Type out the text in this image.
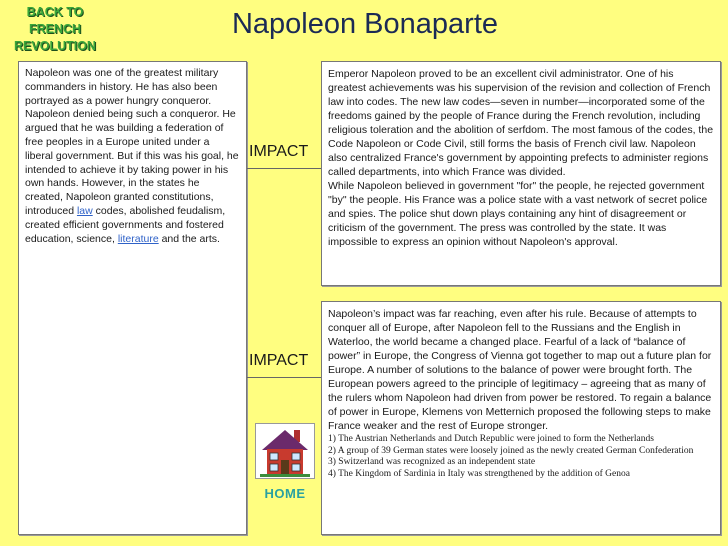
BACK TO
FRENCH
REVOLUTION
Napoleon Bonaparte
Napoleon was one of the greatest military commanders in history. He has also been portrayed as a power hungry conqueror. Napoleon denied being such a conqueror. He argued that he was building a federation of free peoples in a Europe united under a liberal government. But if this was his goal, he intended to achieve it by taking power in his own hands. However, in the states he created, Napoleon granted constitutions, introduced law codes, abolished feudalism, created efficient governments and fostered education, science, literature and the arts.
IMPACT
IMPACT
Emperor Napoleon proved to be an excellent civil administrator. One of his greatest achievements was his supervision of the revision and collection of French law into codes. The new law codes—seven in number—incorporated some of the freedoms gained by the people of France during the French revolution, including religious toleration and the abolition of serfdom. The most famous of the codes, the Code Napoleon or Code Civil, still forms the basis of French civil law. Napoleon also centralized France's government by appointing prefects to administer regions called departments, into which France was divided.
While Napoleon believed in government "for" the people, he rejected government "by" the people. His France was a police state with a vast network of secret police and spies. The police shut down plays containing any hint of disagreement or criticism of the government. The press was controlled by the state. It was impossible to express an opinion without Napoleon's approval.
Napoleon’s impact was far reaching, even after his rule. Because of attempts to conquer all of Europe, after Napoleon fell to the Russians and the English in Waterloo, the world became a changed place. Fearful of a lack of “balance of power” in Europe, the Congress of Vienna got together to map out a future plan for Europe. A number of solutions to the balance of power were brought forth. The European powers agreed to the principle of legitimacy – agreeing that as many of the rulers whom Napoleon had driven from power be restored. To regain a balance of power in Europe, Klemens von Metternich proposed the following steps to make France weaker and the rest of Europe stronger.
1) The Austrian Netherlands and Dutch Republic were joined to form the Netherlands
2) A group of 39 German states were loosely joined as the newly created German Confederation
3) Switzerland was recognized as an independent state
4) The Kingdom of Sardinia in Italy was strengthened by the addition of Genoa
HOME
